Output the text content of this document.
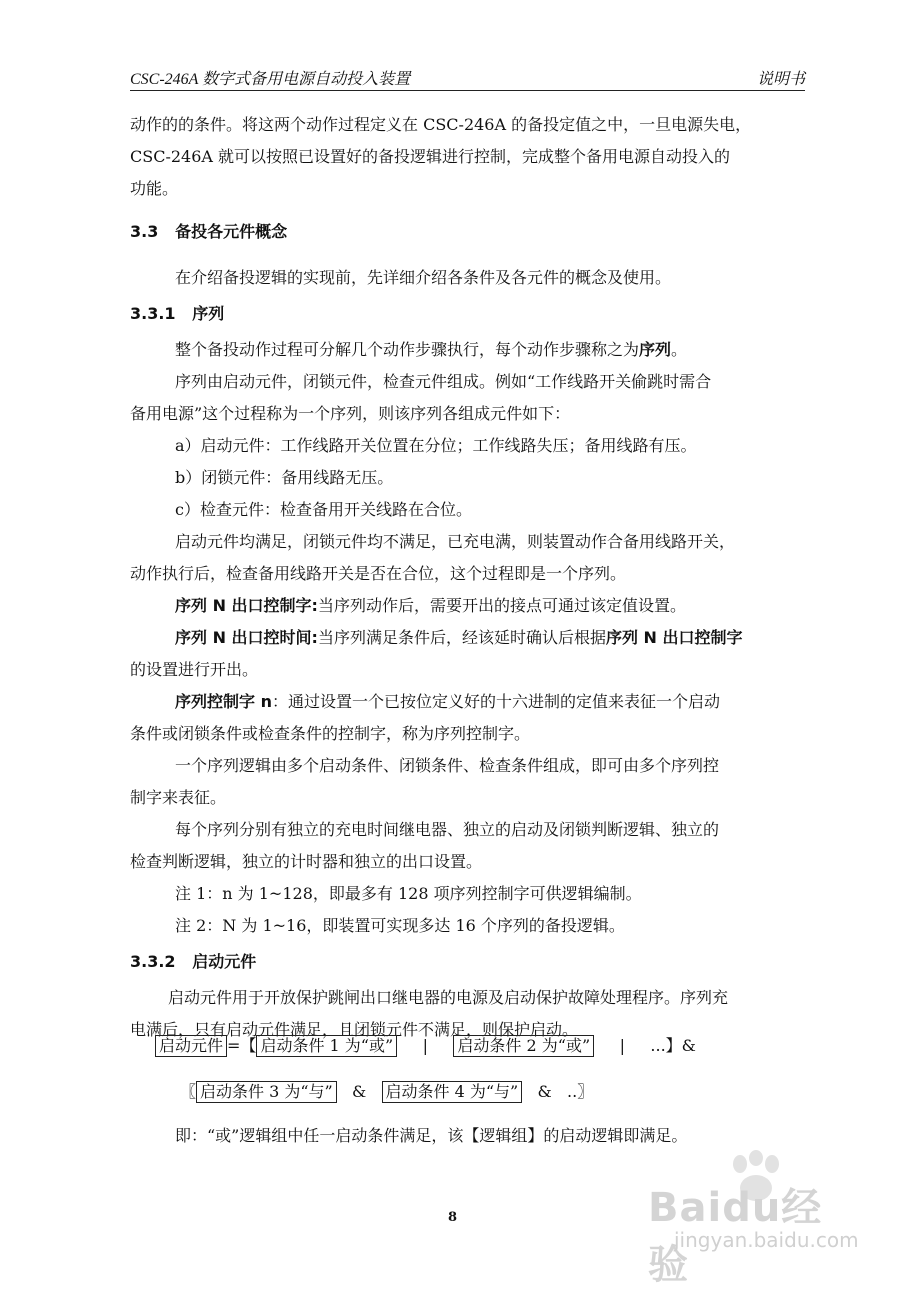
CSC-246A 数字式备用电源自动投入装置	说明书
动作的的条件。将这两个动作过程定义在 CSC-246A 的备投定值之中，一旦电源失电，
CSC-246A 就可以按照已设置好的备投逻辑进行控制，完成整个备用电源自动投入的
功能。
3.3 备投各元件概念
在介绍备投逻辑的实现前，先详细介绍各条件及各元件的概念及使用。
3.3.1 序列
整个备投动作过程可分解几个动作步骤执行，每个动作步骤称之为序列。
序列由启动元件，闭锁元件，检查元件组成。例如“工作线路开关偷跳时需合
备用电源”这个过程称为一个序列，则该序列各组成元件如下：
a）启动元件：工作线路开关位置在分位；工作线路失压；备用线路有压。
b）闭锁元件：备用线路无压。
c）检查元件：检查备用开关线路在合位。
启动元件均满足，闭锁元件均不满足，已充电满，则装置动作合备用线路开关，
动作执行后，检查备用线路开关是否在合位，这个过程即是一个序列。
序列 N 出口控制字:当序列动作后，需要开出的接点可通过该定值设置。
序列 N 出口控时间:当序列满足条件后，经该延时确认后根据序列 N 出口控制字
的设置进行开出。
序列控制字 n：通过设置一个已按位定义好的十六进制的定值来表征一个启动
条件或闭锁条件或检查条件的控制字，称为序列控制字。
一个序列逻辑由多个启动条件、闭锁条件、检查条件组成，即可由多个序列控
制字来表征。
每个序列分别有独立的充电时间继电器、独立的启动及闭锁判断逻辑、独立的
检查判断逻辑，独立的计时器和独立的出口设置。
注 1：n 为 1~128，即最多有 128 项序列控制字可供逻辑编制。
注 2：N 为 1~16，即装置可实现多达 16 个序列的备投逻辑。
3.3.2 启动元件
启动元件用于开放保护跳闸出口继电器的电源及启动保护故障处理程序。序列充
电满后，只有启动元件满足，且闭锁元件不满足，则保护启动。
启动元件 =【 启动条件 1 为“或” | 启动条件 2 为“或” | ...】&
〖 启动条件 3 为“与” & 启动条件 4 为“与” & ..〗
即：“或”逻辑组中任一启动条件满足，该【逻辑组】的启动逻辑即满足。
8	Baidu经验
jingyan.baidu.com
